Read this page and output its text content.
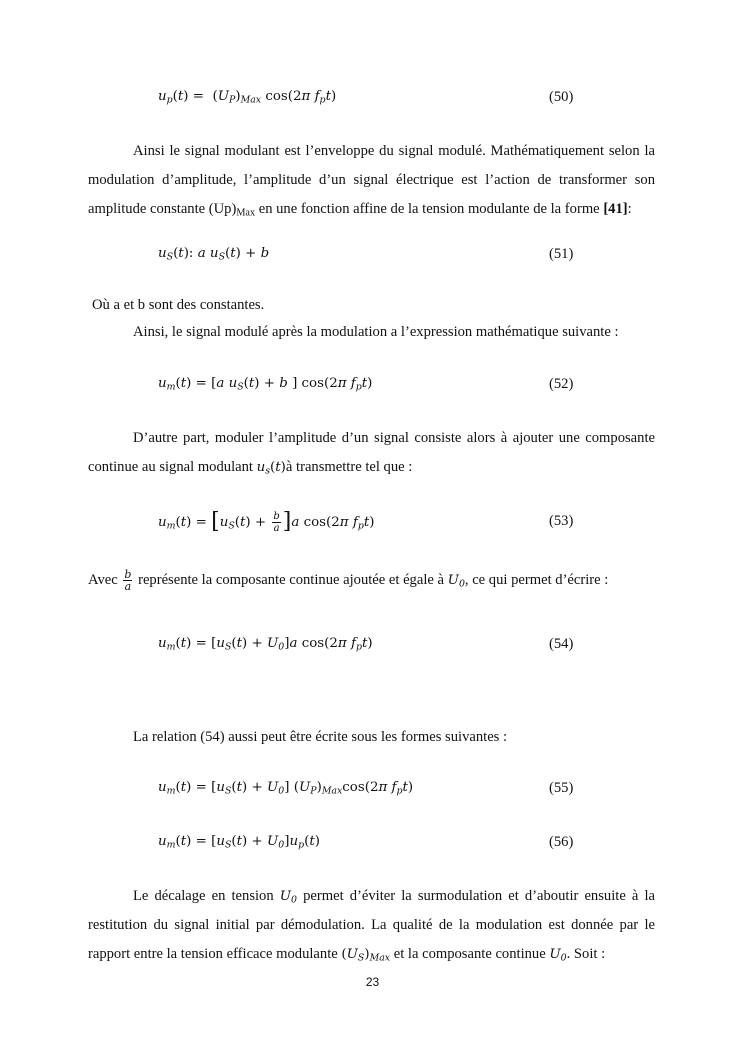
$u_p(t) = (U_P)_{Max}$ cos(2π $f_pt$)	(50)

Ainsi le signal modulant est l’enveloppe du signal modulé. Mathématiquement selon la modulation d’amplitude, l’amplitude d’un signal électrique est l’action de transformer son amplitude constante $(Up)_{Max}$ en une fonction affine de la tension modulante de la forme [41]:

$u_S(t)$: a $u_S(t) + b$	(51)
Où a et b sont des constantes.
Ainsi, le signal modulé après la modulation a l’expression mathématique suivante :
$u_m(t) = [a$ $u_S(t) + b$ ] cos(2π $f_pt$)	(52)

D’autre part, moduler l’amplitude d’un signal consiste alors à ajouter une composante continue au signal modulant $u_s(t)à$ transmettre tel que :

$u_m(t) = [u_S(t) + \frac{b}{a} ]a$ cos(2π $f_pt$)	(53)
Avec $\frac{b}{a}$ représente la composante continue ajoutée et égale à $U_0$, ce qui permet d’écrire :
$u_m(t) = [u_S(t) + U_0]a$ cos(2π $f_pt$)	(54)
La relation (54) aussi peut être écrite sous les formes suivantes :
$u_m(t) = [u_S(t) + U_0]$ $(U_P)_{Max}\cos(2\pi$ $f_pt$)	(55)
$u_m(t) = [u_S(t) + U_0]u_p(t)$	(56)

Le décalage en tension $U_0$ permet d’éviter la surmodulation et d’aboutir ensuite à la restitution du signal initial par démodulation. La qualité de la modulation est donnée par le rapport entre la tension efficace modulante $(U_S)_{Max}$ et la composante continue $U_0$. Soit :

23
